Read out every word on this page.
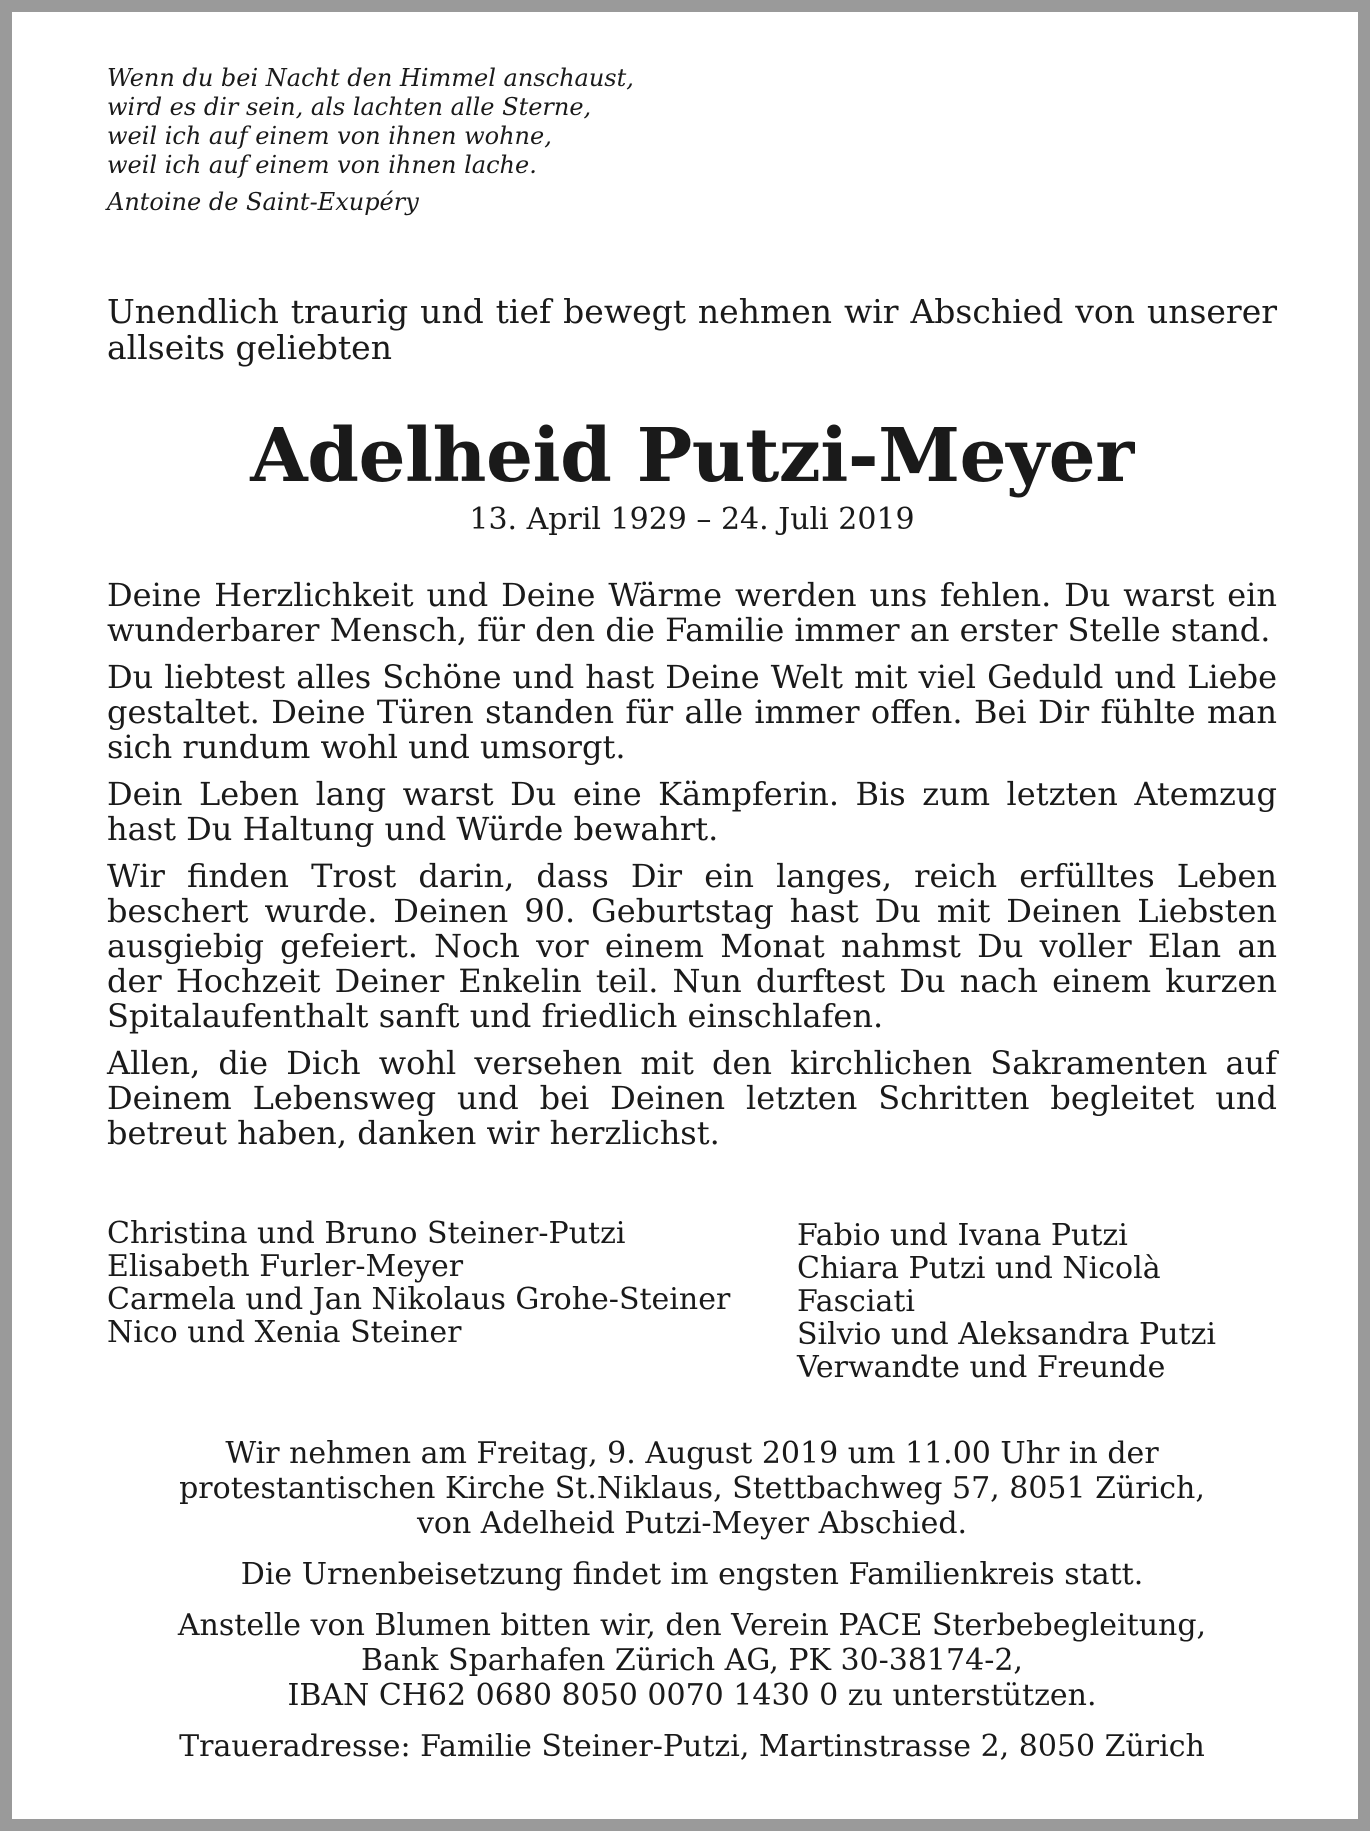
Wenn du bei Nacht den Himmel anschaust,
wird es dir sein, als lachten alle Sterne,
weil ich auf einem von ihnen wohne,
weil ich auf einem von ihnen lache.
Antoine de Saint-Exupéry
Unendlich traurig und tief bewegt nehmen wir Abschied von unserer allseits geliebten
Adelheid Putzi-Meyer
13. April 1929 – 24. Juli 2019

Deine Herzlichkeit und Deine Wärme werden uns fehlen. Du warst ein wunderbarer Mensch, für den die Familie immer an erster Stelle stand.

Du liebtest alles Schöne und hast Deine Welt mit viel Geduld und Liebe gestaltet. Deine Türen standen für alle immer offen. Bei Dir fühlte man sich rundum wohl und umsorgt.

Dein Leben lang warst Du eine Kämpferin. Bis zum letzten Atemzug hast Du Haltung und Würde bewahrt.

Wir finden Trost darin, dass Dir ein langes, reich erfülltes Leben beschert wurde. Deinen 90. Geburtstag hast Du mit Deinen Liebsten ausgiebig gefeiert. Noch vor einem Monat nahmst Du voller Elan an der Hochzeit Deiner Enkelin teil. Nun durftest Du nach einem kurzen Spitalaufenthalt sanft und friedlich einschlafen.

Allen, die Dich wohl versehen mit den kirchlichen Sakramenten auf Deinem Lebensweg und bei Deinen letzten Schritten begleitet und betreut haben, danken wir herzlichst.

Christina und Bruno Steiner-Putzi
Elisabeth Furler-Meyer
Carmela und Jan Nikolaus Grohe-Steiner
Nico und Xenia Steiner
Fabio und Ivana Putzi
Chiara Putzi und Nicolà Fasciati
Silvio und Aleksandra Putzi
Verwandte und Freunde

Wir nehmen am Freitag, 9. August 2019 um 11.00 Uhr in der
protestantischen Kirche St.Niklaus, Stettbachweg 57, 8051 Zürich,
von Adelheid Putzi-Meyer Abschied.

Die Urnenbeisetzung findet im engsten Familienkreis statt.

Anstelle von Blumen bitten wir, den Verein PACE Sterbebegleitung,
Bank Sparhafen Zürich AG, PK 30-38174-2,
IBAN CH62 0680 8050 0070 1430 0 zu unterstützen.

Traueradresse: Familie Steiner-Putzi, Martinstrasse 2, 8050 Zürich
